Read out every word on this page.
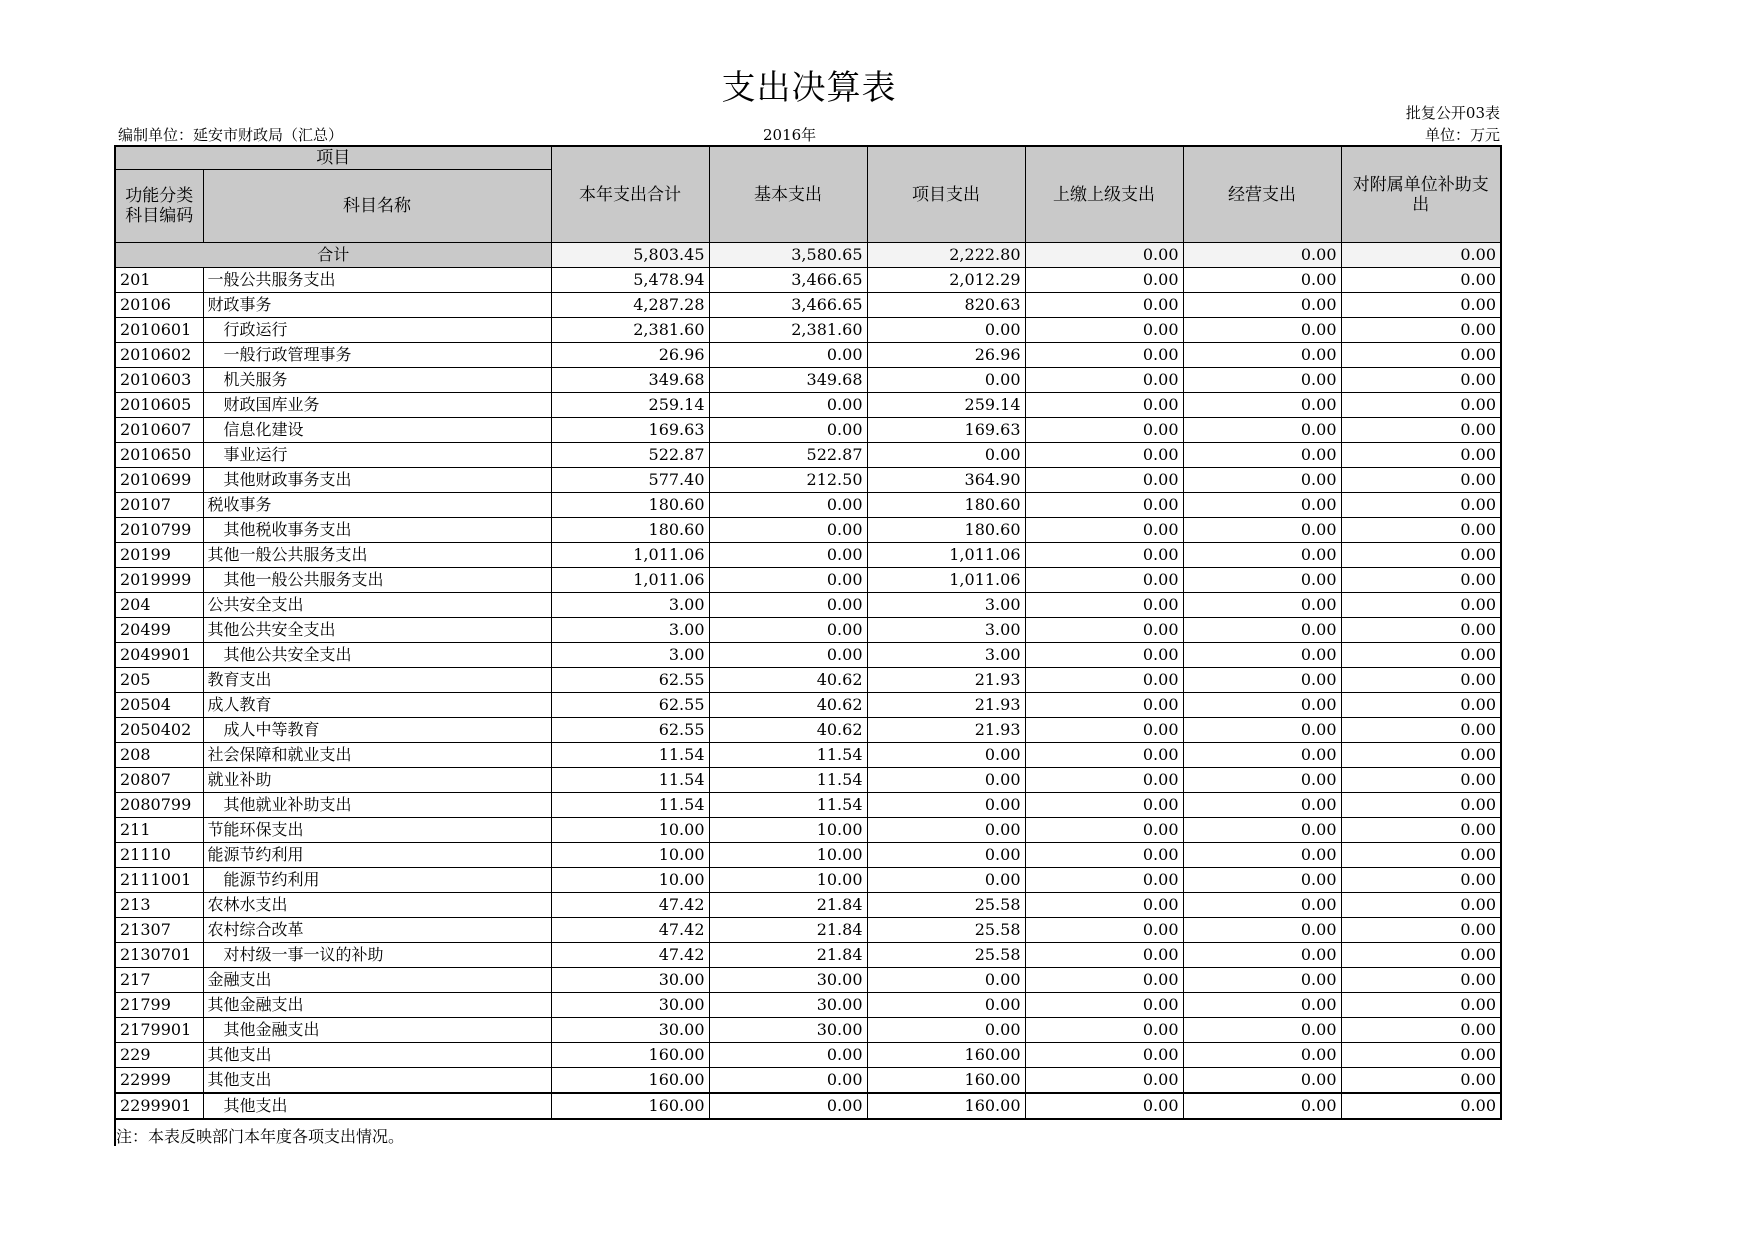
支出决算表
批复公开03表
编制单位：延安市财政局（汇总）	2016年	单位：万元
项目		本年支出合计	基本支出	项目支出	上缴上级支出	经营支出	对附属单位补助支出
功能分类科目编码	科目名称						
合计		5,803.45	3,580.65	2,222.80	0.00	0.00	0.00
201	一般公共服务支出	5,478.94	3,466.65	2,012.29	0.00	0.00	0.00
20106	财政事务	4,287.28	3,466.65	820.63	0.00	0.00	0.00
2010601	行政运行	2,381.60	2,381.60	0.00	0.00	0.00	0.00
2010602	一般行政管理事务	26.96	0.00	26.96	0.00	0.00	0.00
2010603	机关服务	349.68	349.68	0.00	0.00	0.00	0.00
2010605	财政国库业务	259.14	0.00	259.14	0.00	0.00	0.00
2010607	信息化建设	169.63	0.00	169.63	0.00	0.00	0.00
2010650	事业运行	522.87	522.87	0.00	0.00	0.00	0.00
2010699	其他财政事务支出	577.40	212.50	364.90	0.00	0.00	0.00
20107	税收事务	180.60	0.00	180.60	0.00	0.00	0.00
2010799	其他税收事务支出	180.60	0.00	180.60	0.00	0.00	0.00
20199	其他一般公共服务支出	1,011.06	0.00	1,011.06	0.00	0.00	0.00
2019999	其他一般公共服务支出	1,011.06	0.00	1,011.06	0.00	0.00	0.00
204	公共安全支出	3.00	0.00	3.00	0.00	0.00	0.00
20499	其他公共安全支出	3.00	0.00	3.00	0.00	0.00	0.00
2049901	其他公共安全支出	3.00	0.00	3.00	0.00	0.00	0.00
205	教育支出	62.55	40.62	21.93	0.00	0.00	0.00
20504	成人教育	62.55	40.62	21.93	0.00	0.00	0.00
2050402	成人中等教育	62.55	40.62	21.93	0.00	0.00	0.00
208	社会保障和就业支出	11.54	11.54	0.00	0.00	0.00	0.00
20807	就业补助	11.54	11.54	0.00	0.00	0.00	0.00
2080799	其他就业补助支出	11.54	11.54	0.00	0.00	0.00	0.00
211	节能环保支出	10.00	10.00	0.00	0.00	0.00	0.00
21110	能源节约利用	10.00	10.00	0.00	0.00	0.00	0.00
2111001	能源节约利用	10.00	10.00	0.00	0.00	0.00	0.00
213	农林水支出	47.42	21.84	25.58	0.00	0.00	0.00
21307	农村综合改革	47.42	21.84	25.58	0.00	0.00	0.00
2130701	对村级一事一议的补助	47.42	21.84	25.58	0.00	0.00	0.00
217	金融支出	30.00	30.00	0.00	0.00	0.00	0.00
21799	其他金融支出	30.00	30.00	0.00	0.00	0.00	0.00
2179901	其他金融支出	30.00	30.00	0.00	0.00	0.00	0.00
229	其他支出	160.00	0.00	160.00	0.00	0.00	0.00
22999	其他支出	160.00	0.00	160.00	0.00	0.00	0.00
2299901	其他支出	160.00	0.00	160.00	0.00	0.00	0.00
注：本表反映部门本年度各项支出情况。
